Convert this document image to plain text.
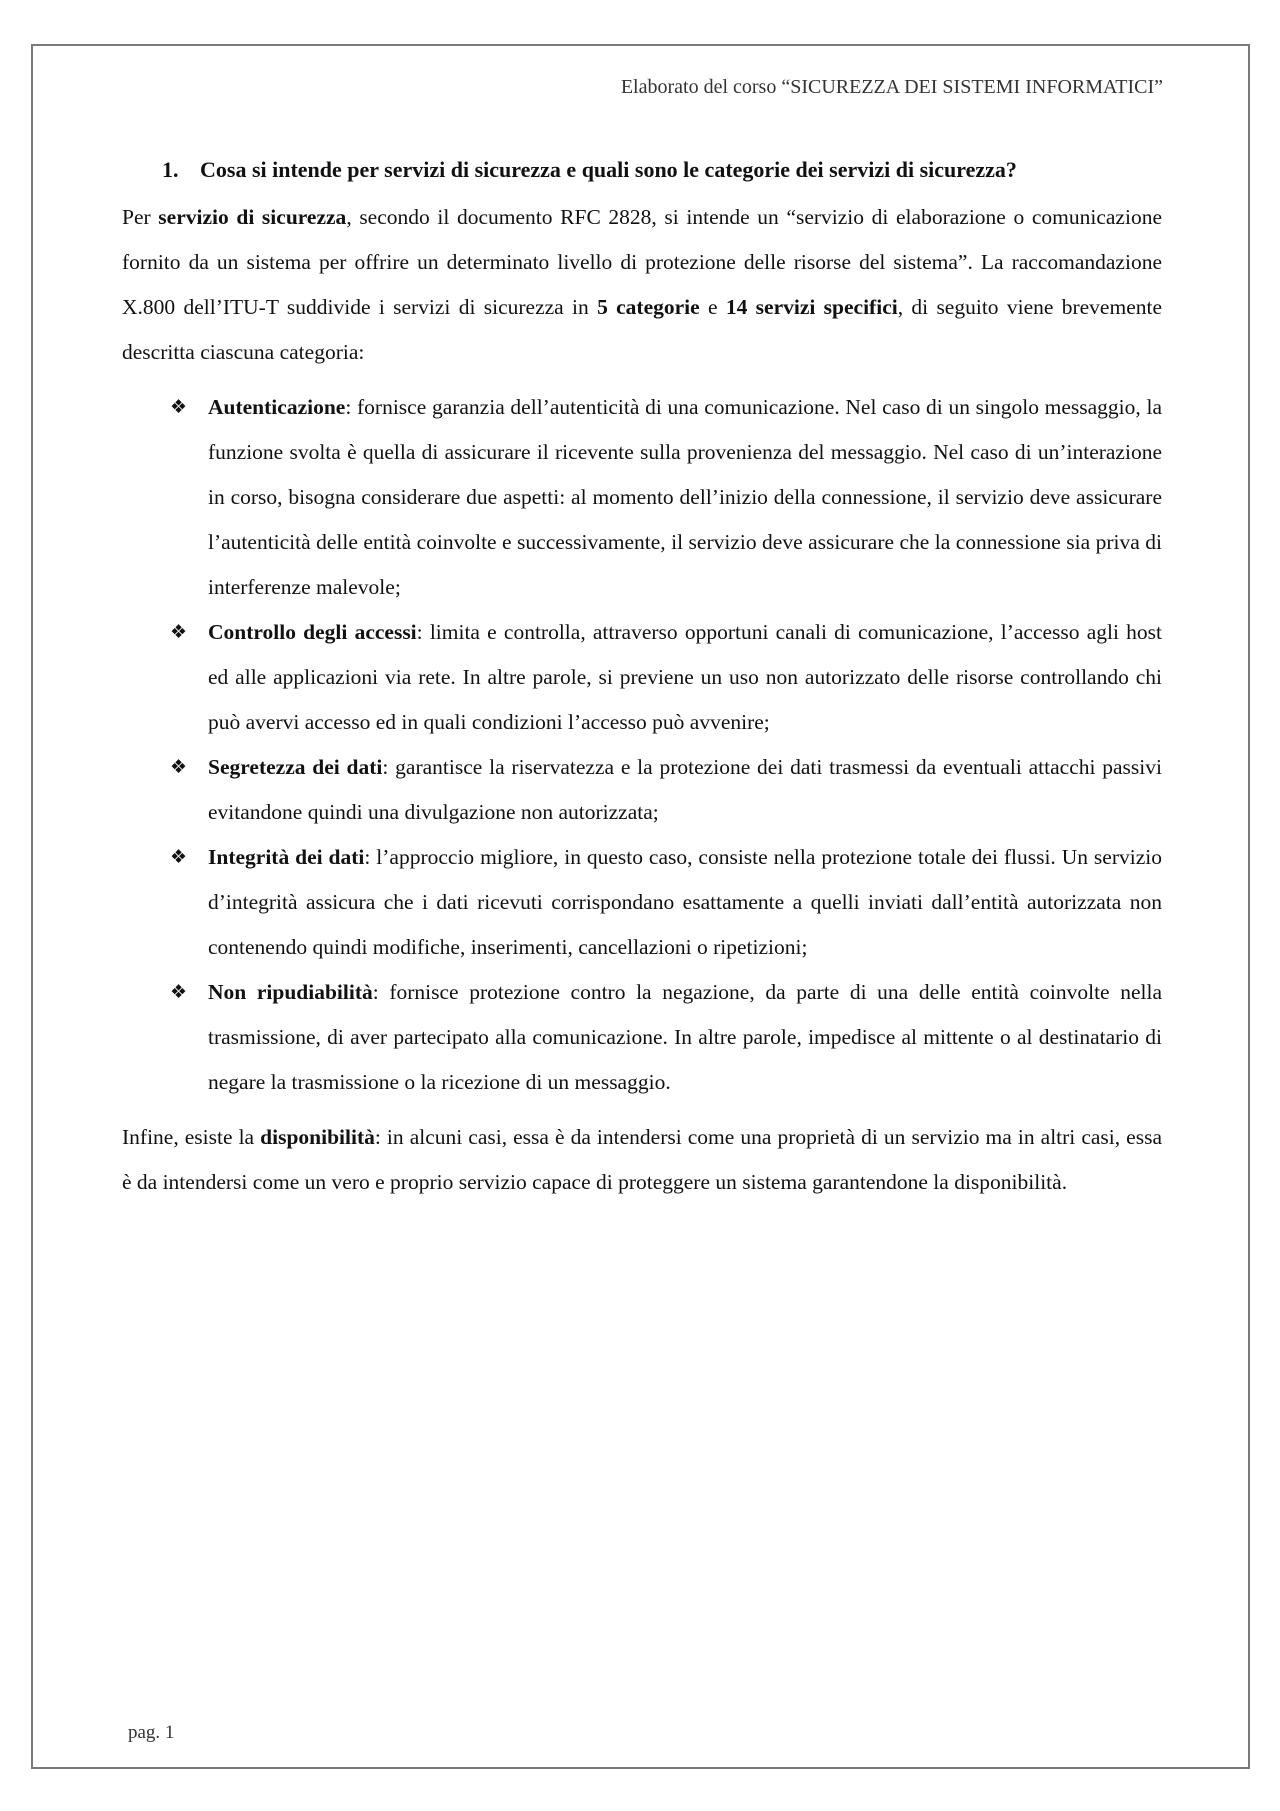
Elaborato del corso “SICUREZZA DEI SISTEMI INFORMATICI”
1. Cosa si intende per servizi di sicurezza e quali sono le categorie dei servizi di sicurezza?

Per servizio di sicurezza, secondo il documento RFC 2828, si intende un “servizio di elaborazione o comunicazione fornito da un sistema per offrire un determinato livello di protezione delle risorse del sistema”. La raccomandazione X.800 dell’ITU-T suddivide i servizi di sicurezza in 5 categorie e 14 servizi specifici, di seguito viene brevemente descritta ciascuna categoria:

❖ Autenticazione: fornisce garanzia dell’autenticità di una comunicazione. Nel caso di un singolo messaggio, la funzione svolta è quella di assicurare il ricevente sulla provenienza del messaggio. Nel caso di un’interazione in corso, bisogna considerare due aspetti: al momento dell’inizio della connessione, il servizio deve assicurare l’autenticità delle entità coinvolte e successivamente, il servizio deve assicurare che la connessione sia priva di interferenze malevole;
❖ Controllo degli accessi: limita e controlla, attraverso opportuni canali di comunicazione, l’accesso agli host ed alle applicazioni via rete. In altre parole, si previene un uso non autorizzato delle risorse controllando chi può avervi accesso ed in quali condizioni l’accesso può avvenire;
❖ Segretezza dei dati: garantisce la riservatezza e la protezione dei dati trasmessi da eventuali attacchi passivi evitandone quindi una divulgazione non autorizzata;
❖ Integrità dei dati: l’approccio migliore, in questo caso, consiste nella protezione totale dei flussi. Un servizio d’integrità assicura che i dati ricevuti corrispondano esattamente a quelli inviati dall’entità autorizzata non contenendo quindi modifiche, inserimenti, cancellazioni o ripetizioni;
❖ Non ripudiabilità: fornisce protezione contro la negazione, da parte di una delle entità coinvolte nella trasmissione, di aver partecipato alla comunicazione. In altre parole, impedisce al mittente o al destinatario di negare la trasmissione o la ricezione di un messaggio.

Infine, esiste la disponibilità: in alcuni casi, essa è da intendersi come una proprietà di un servizio ma in altri casi, essa è da intendersi come un vero e proprio servizio capace di proteggere un sistema garantendone la disponibilità.

pag. 1
